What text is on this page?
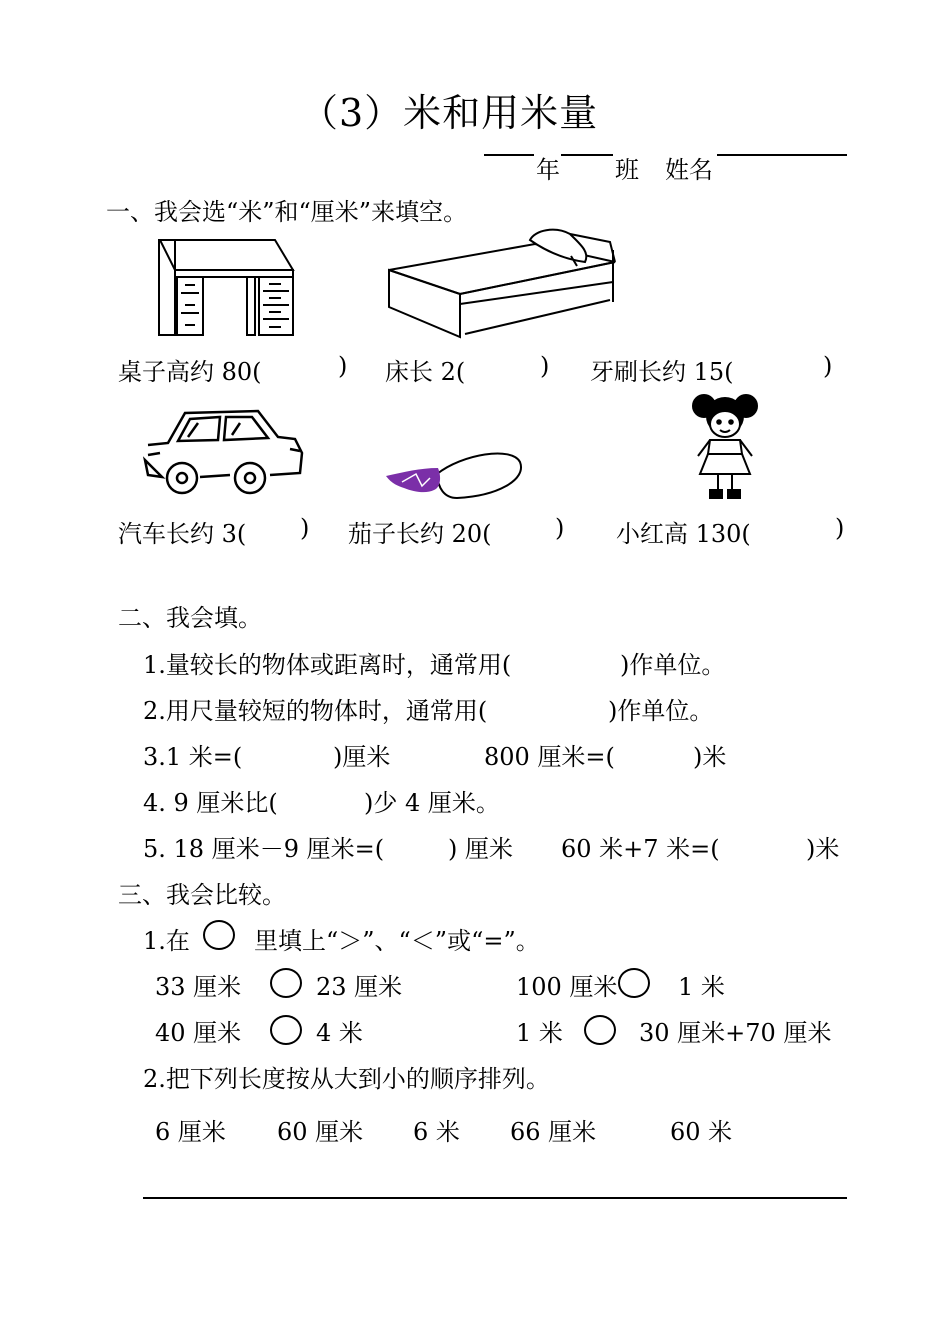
（3）米和用米量
年 班 姓名
一、我会选“米”和“厘米”来填空。
桌子高约 80(	) 床长 2(	) 牙刷长约 15(	)
汽车长约 3( ) 茄子长约 20(	) 小红高 130(	)
二、我会填。
1.量较长的物体或距离时，通常用(	)作单位。
2.用尺量较短的物体时，通常用(	)作单位。
3.1 米=(	)厘米	800 厘米=(	)米
4. 9 厘米比(	)少 4 厘米。
5. 18 厘米－9 厘米=(	) 厘米 60 米+7 米=(	)米
三、我会比较。
1.在	里填上“＞”、“＜”或“=”。
33 厘米	23 厘米	100 厘米	1 米
40 厘米	4 米	1 米	30 厘米+70 厘米
2.把下列长度按从大到小的顺序排列。
6 厘米 60 厘米 6 米 66 厘米	60 米
